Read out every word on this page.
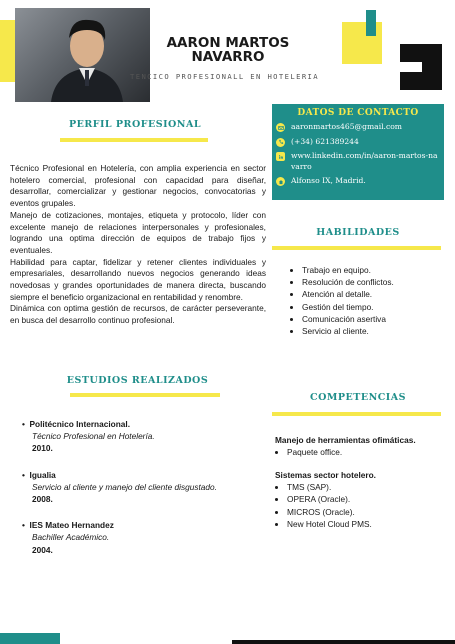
AARON MARTOS NAVARRO
TENCICO PROFESIONALL EN HOTELERIA
PERFIL PROFESIONAL
Técnico Profesional en Hotelería, con amplia experiencia en sector hotelero comercial, profesional con capacidad para diseñar, desarrollar, comercializar y gestionar negocios, convocatorias y eventos grupales.
Manejo de cotizaciones, montajes, etiqueta y protocolo, líder con excelente manejo de relaciones interpersonales y profesionales, logrando una optima dirección de equipos de trabajo fijos y eventuales.
Habilidad para captar, fidelizar y retener clientes individuales y empresariales, desarrollando nuevos negocios generando ideas novedosas y grandes oportunidades de manera directa, buscando siempre el beneficio organizacional en rentabilidad y renombre.
Dinámica con optima gestión de recursos, de carácter perseverante, en busca del desarrollo continuo profesional.
DATOS DE CONTACTO
aaronmartos465@gmail.com
(+34) 621389244
www.linkedin.com/in/aaron-martos-navarro
Alfonso IX, Madrid.
HABILIDADES
• Trabajo en equipo.
• Resolución de conflictos.
• Atención al detalle.
• Gestión del tiempo.
• Comunicación asertiva
• Servicio al cliente.
ESTUDIOS REALIZADOS
•  Politécnico Internacional.
Técnico Profesional en Hotelería.
2010.
•  Igualia
Servicio al cliente y manejo del cliente disgustado.
2008.
•  IES Mateo Hernandez
Bachiller Académico.
2004.
COMPETENCIAS
Manejo de herramientas ofimáticas.
• Paquete office.
Sistemas sector hotelero.
• TMS (SAP).
• OPERA (Oracle).
• MICROS (Oracle).
• New Hotel Cloud PMS.
